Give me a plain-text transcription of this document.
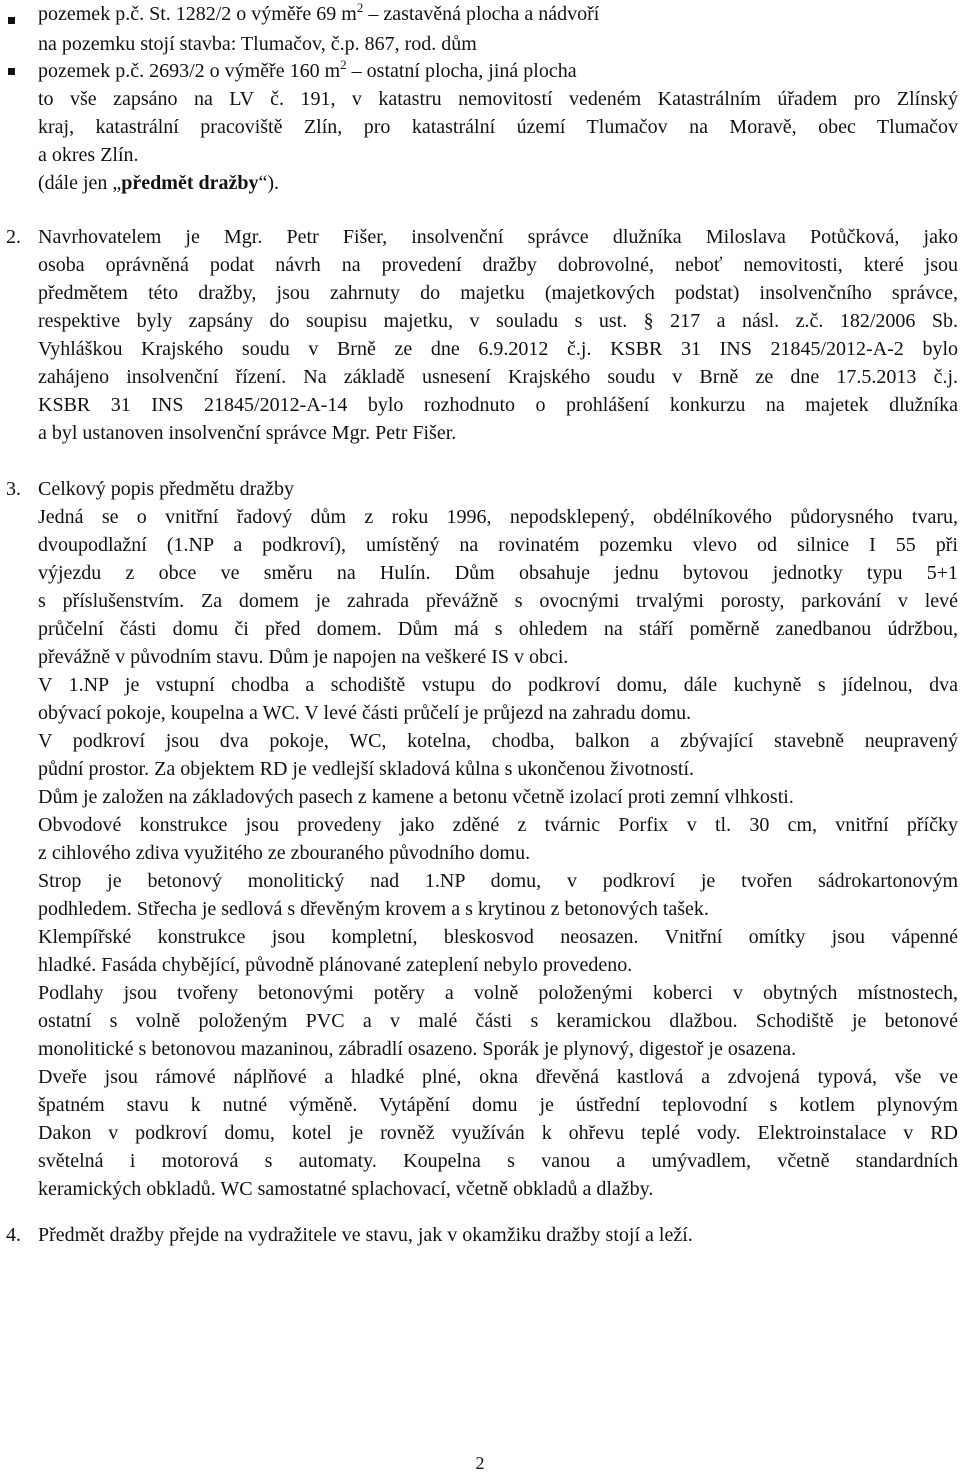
pozemek p.č. St. 1282/2 o výměře 69 $m^2$ – zastavěná plocha a nádvoří
na pozemku stojí stavba: Tlumačov, č.p. 867, rod. dům
pozemek p.č. 2693/2 o výměře 160 $m^2$ – ostatní plocha, jiná plocha
to vše zapsáno na LV č. 191, v katastru nemovitostí vedeném Katastrálním úřadem pro Zlínský
kraj, katastrální pracoviště Zlín, pro katastrální území Tlumačov na Moravě, obec Tlumačov
a okres Zlín.
(dále jen „předmět dražby“).
2. Navrhovatelem je Mgr. Petr Fišer, insolvenční správce dlužníka Miloslava Potůčková, jako
osoba oprávněná podat návrh na provedení dražby dobrovolné, neboť nemovitosti, které jsou
předmětem této dražby, jsou zahrnuty do majetku (majetkových podstat) insolvenčního správce,
respektive byly zapsány do soupisu majetku, v souladu s ust. § 217 a násl. z.č. 182/2006 Sb.
Vyhláškou Krajského soudu v Brně ze dne 6.9.2012 č.j. KSBR 31 INS 21845/2012-A-2 bylo
zahájeno insolvenční řízení. Na základě usnesení Krajského soudu v Brně ze dne 17.5.2013 č.j.
KSBR 31 INS 21845/2012-A-14 bylo rozhodnuto o prohlášení konkurzu na majetek dlužníka
a byl ustanoven insolvenční správce Mgr. Petr Fišer.
3. Celkový popis předmětu dražby
Jedná se o vnitřní řadový dům z roku 1996, nepodsklepený, obdélníkového půdorysného tvaru,
dvoupodlažní (1.NP a podkroví), umístěný na rovinatém pozemku vlevo od silnice I 55 při
výjezdu z obce ve směru na Hulín. Dům obsahuje jednu bytovou jednotky typu 5+1
s příslušenstvím. Za domem je zahrada převážně s ovocnými trvalými porosty, parkování v levé
průčelní části domu či před domem. Dům má s ohledem na stáří poměrně zanedbanou údržbou,
převážně v původním stavu. Dům je napojen na veškeré IS v obci.
V 1.NP je vstupní chodba a schodiště vstupu do podkroví domu, dále kuchyně s jídelnou, dva
obývací pokoje, koupelna a WC. V levé části průčelí je průjezd na zahradu domu.
V podkroví jsou dva pokoje, WC, kotelna, chodba, balkon a zbývající stavebně neupravený
půdní prostor. Za objektem RD je vedlejší skladová kůlna s ukončenou životností.
Dům je založen na základových pasech z kamene a betonu včetně izolací proti zemní vlhkosti.
Obvodové konstrukce jsou provedeny jako zděné z tvárnic Porfix v tl. 30 cm, vnitřní příčky
z cihlového zdiva využitého ze zbouraného původního domu.
Strop je betonový monolitický nad 1.NP domu, v podkroví je tvořen sádrokartonovým
podhledem. Střecha je sedlová s dřevěným krovem a s krytinou z betonových tašek.
Klempířské konstrukce jsou kompletní, bleskosvod neosazen. Vnitřní omítky jsou vápenné
hladké. Fasáda chybějící, původně plánované zateplení nebylo provedeno.
Podlahy jsou tvořeny betonovými potěry a volně položenými koberci v obytných místnostech,
ostatní s volně položeným PVC a v malé části s keramickou dlažbou. Schodiště je betonové
monolitické s betonovou mazaninou, zábradlí osazeno. Sporák je plynový, digestoř je osazena.
Dveře jsou rámové náplňové a hladké plné, okna dřevěná kastlová a zdvojená typová, vše ve
špatném stavu k nutné výměně. Vytápění domu je ústřední teplovodní s kotlem plynovým
Dakon v podkroví domu, kotel je rovněž využíván k ohřevu teplé vody. Elektroinstalace v RD
světelná i motorová s automaty. Koupelna s vanou a umývadlem, včetně standardních
keramických obkladů. WC samostatné splachovací, včetně obkladů a dlažby.
4. Předmět dražby přejde na vydražitele ve stavu, jak v okamžiku dražby stojí a leží.
2
